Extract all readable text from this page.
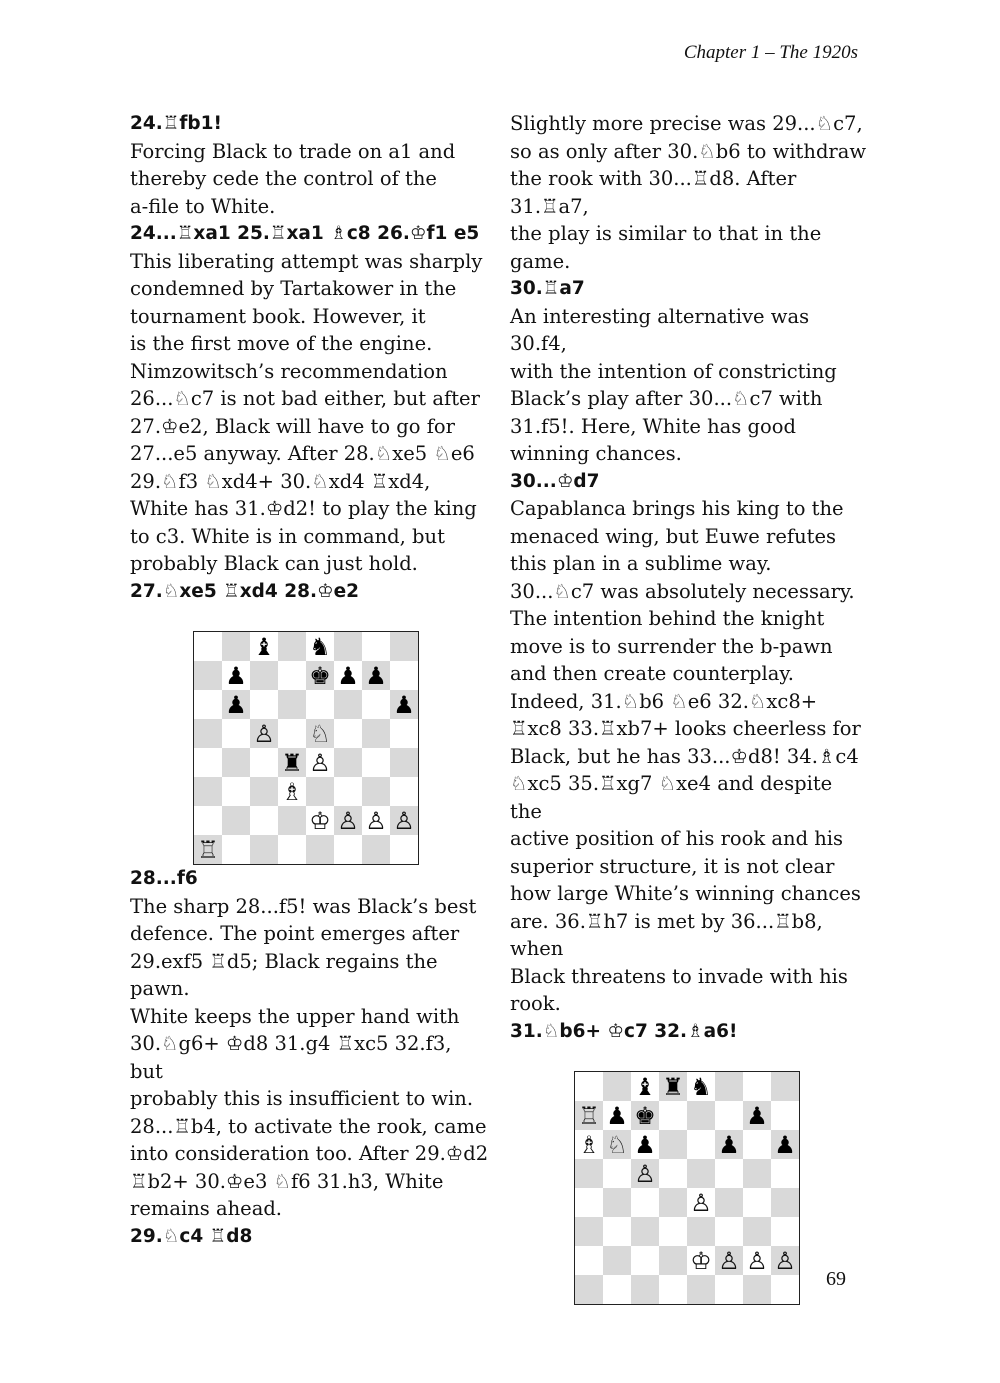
Chapter 1 – The 1920s

24.♖fb1!

Forcing Black to trade on a1 and

thereby cede the control of the

a-file to White.

24...♖xa1 25.♖xa1 ♗c8 26.♔f1 e5

This liberating attempt was sharply

condemned by Tartakower in the

tournament book. However, it

is the first move of the engine.

Nimzowitsch’s recommendation

26...♘c7 is not bad either, but after

27.♔e2, Black will have to go for

27...e5 anyway. After 28.♘xe5 ♘e6

29.♘f3 ♘xd4+ 30.♘xd4 ♖xd4,

White has 31.♔d2! to play the king

to c3. White is in command, but

probably Black can just hold.

27.♘xe5 ♖xd4 28.♔e2

♝ ♞
♟	♚ ♟ ♟
♟	♟
♙ ♘
♜ ♙
♗
♔ ♙ ♙ ♙
♖

28...f6

The sharp 28...f5! was Black’s best

defence. The point emerges after

29.exf5 ♖d5; Black regains the pawn.

White keeps the upper hand with

30.♘g6+ ♔d8 31.g4 ♖xc5 32.f3, but

probably this is insufficient to win.

28...♖b4, to activate the rook, came

into consideration too. After 29.♔d2

♖b2+ 30.♔e3 ♘f6 31.h3, White

remains ahead.

29.♘c4 ♖d8

Slightly more precise was 29...♘c7,

so as only after 30.♘b6 to withdraw

the rook with 30...♖d8. After 31.♖a7,

the play is similar to that in the

game.

30.♖a7

An interesting alternative was 30.f4,

with the intention of constricting

Black’s play after 30...♘c7 with

31.f5!. Here, White has good

winning chances.

30...♔d7

Capablanca brings his king to the

menaced wing, but Euwe refutes

this plan in a sublime way.

30...♘c7 was absolutely necessary.

The intention behind the knight

move is to surrender the b-pawn

and then create counterplay.

Indeed, 31.♘b6 ♘e6 32.♘xc8+

♖xc8 33.♖xb7+ looks cheerless for

Black, but he has 33...♔d8! 34.♗c4

♘xc5 35.♖xg7 ♘xe4 and despite the

active position of his rook and his

superior structure, it is not clear

how large White’s winning chances

are. 36.♖h7 is met by 36...♖b8, when

Black threatens to invade with his

rook.

31.♘b6+ ♔c7 32.♗a6!

♝ ♜ ♞
♖ ♟ ♚	♟
♗ ♘ ♟	♟ ♟
♙
♙
♔ ♙ ♙ ♙
69
